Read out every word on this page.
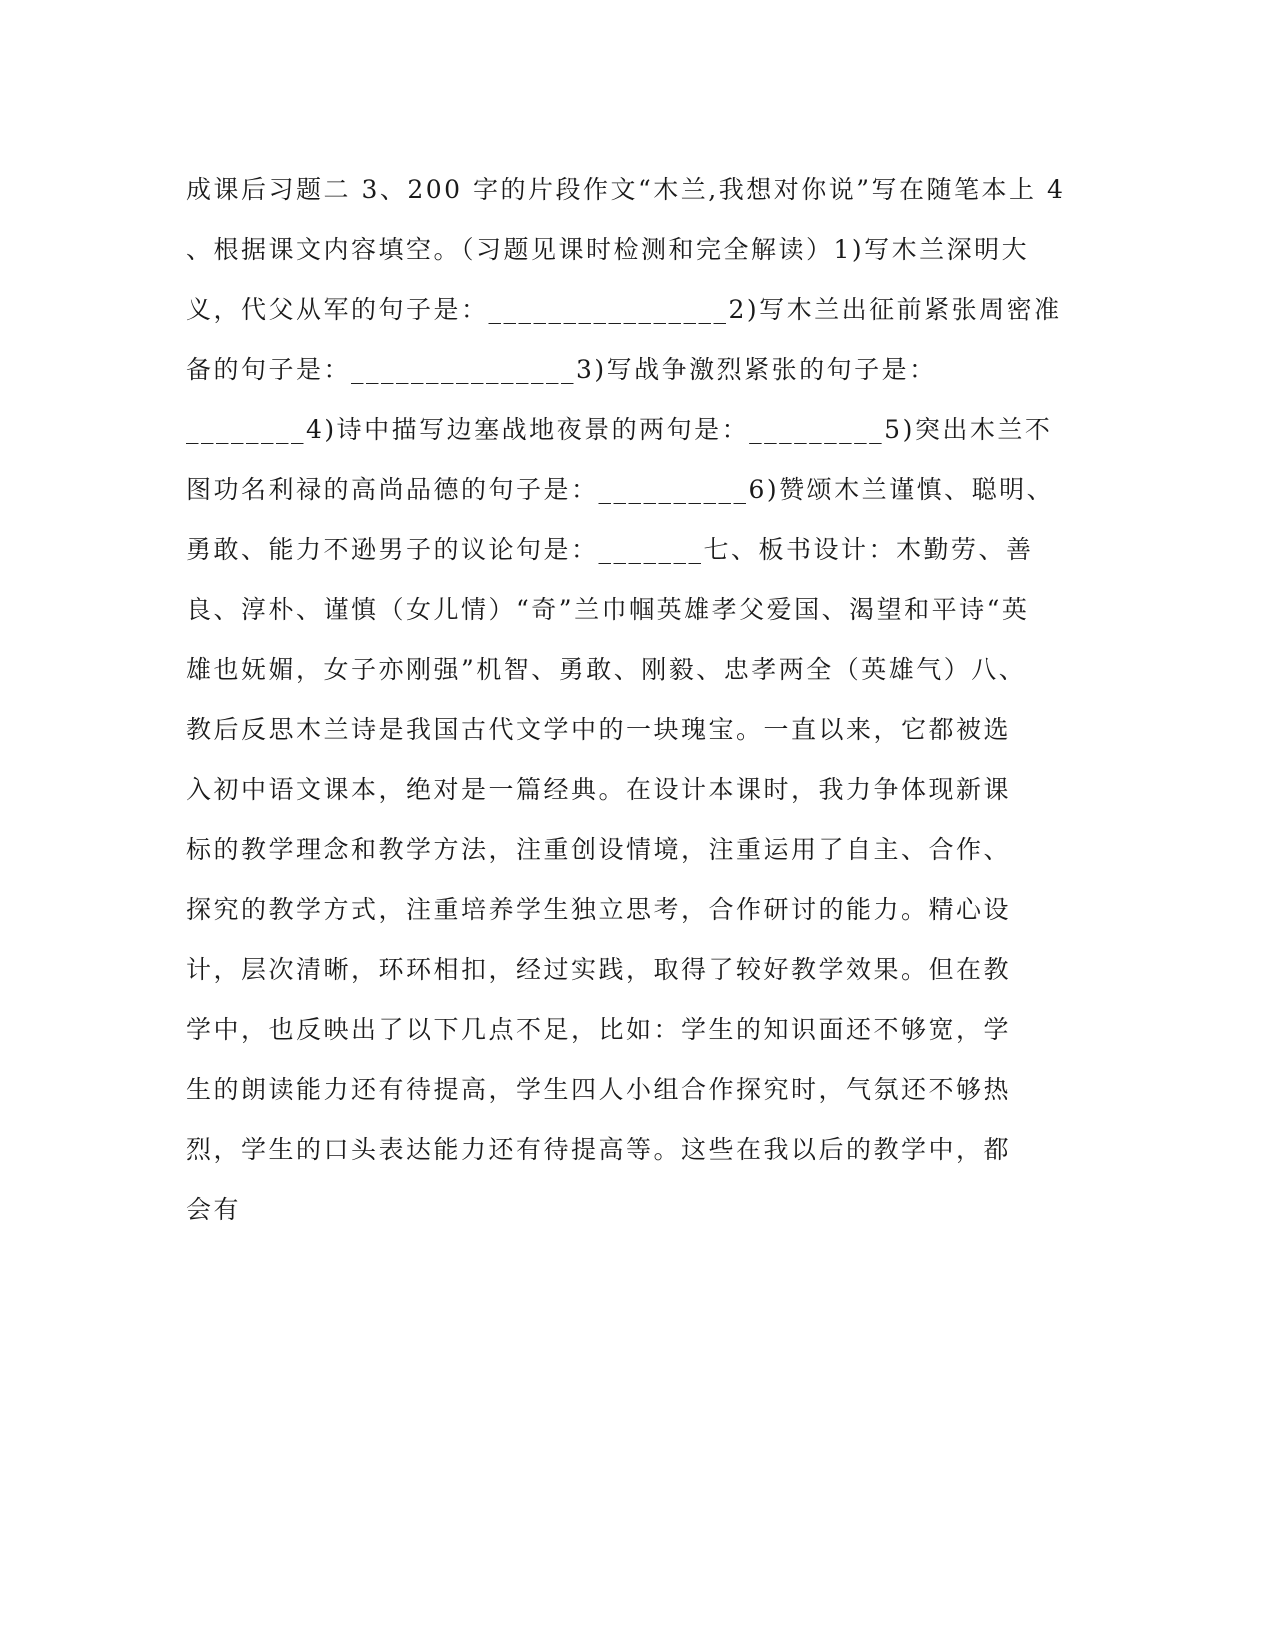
成课后习题二 3、200 字的片段作文“木兰,我想对你说”写在随笔本上 4
、根据课文内容填空。（习题见课时检测和完全解读）1)写木兰深明大
义，代父从军的句子是：________________2)写木兰出征前紧张周密准
备的句子是：_______________3)写战争激烈紧张的句子是：
________4)诗中描写边塞战地夜景的两句是：_________5)突出木兰不
图功名利禄的高尚品德的句子是：__________6)赞颂木兰谨慎、聪明、
勇敢、能力不逊男子的议论句是：_______七、板书设计：木勤劳、善
良、淳朴、谨慎（女儿情）“奇”兰巾帼英雄孝父爱国、渴望和平诗“英
雄也妩媚，女子亦刚强”机智、勇敢、刚毅、忠孝两全（英雄气）八、
教后反思木兰诗是我国古代文学中的一块瑰宝。一直以来，它都被选
入初中语文课本，绝对是一篇经典。在设计本课时，我力争体现新课
标的教学理念和教学方法，注重创设情境，注重运用了自主、合作、
探究的教学方式，注重培养学生独立思考，合作研讨的能力。精心设
计，层次清晰，环环相扣，经过实践，取得了较好教学效果。但在教
学中，也反映出了以下几点不足，比如：学生的知识面还不够宽，学
生的朗读能力还有待提高，学生四人小组合作探究时，气氛还不够热
烈，学生的口头表达能力还有待提高等。这些在我以后的教学中，都
会有
